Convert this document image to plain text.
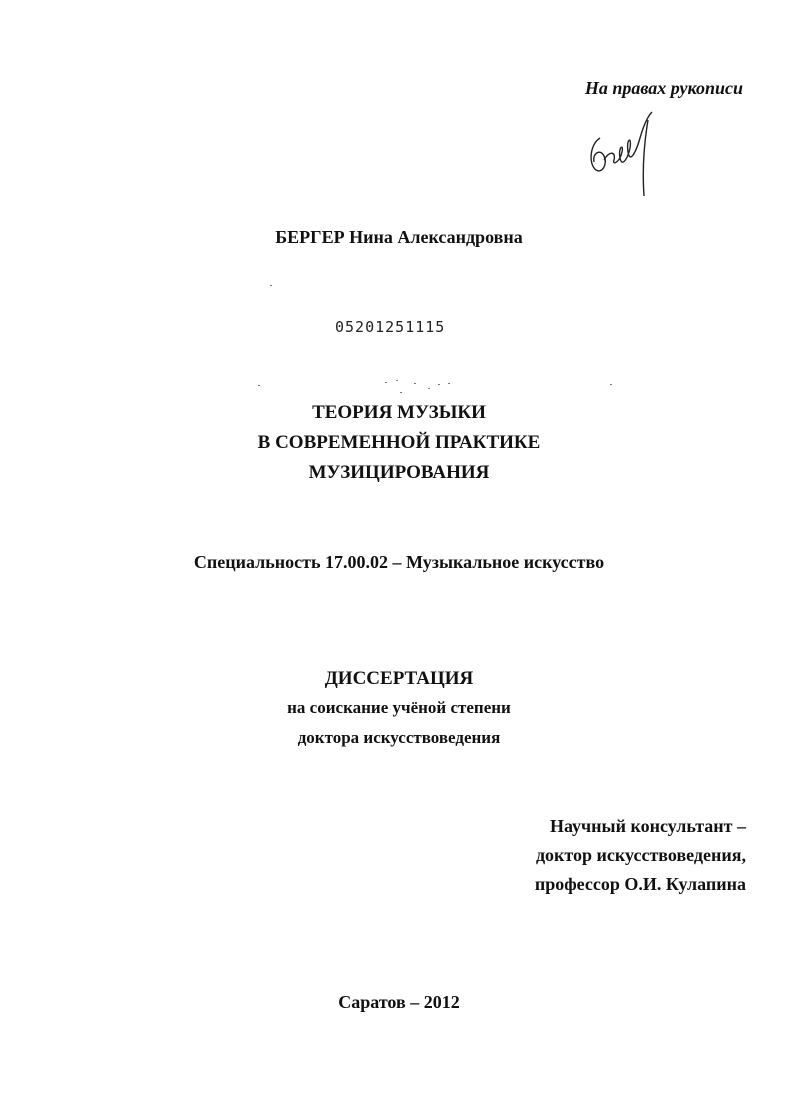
На правах рукописи
БЕРГЕР Нина Александровна
05201251115
ТЕОРИЯ МУЗЫКИ
В СОВРЕМЕННОЙ ПРАКТИКЕ
МУЗИЦИРОВАНИЯ
Специальность 17.00.02 – Музыкальное искусство
ДИССЕРТАЦИЯ
на соискание учёной степени
доктора искусствоведения
Научный консультант –
доктор искусствоведения,
профессор О.И. Кулапина
Саратов – 2012
